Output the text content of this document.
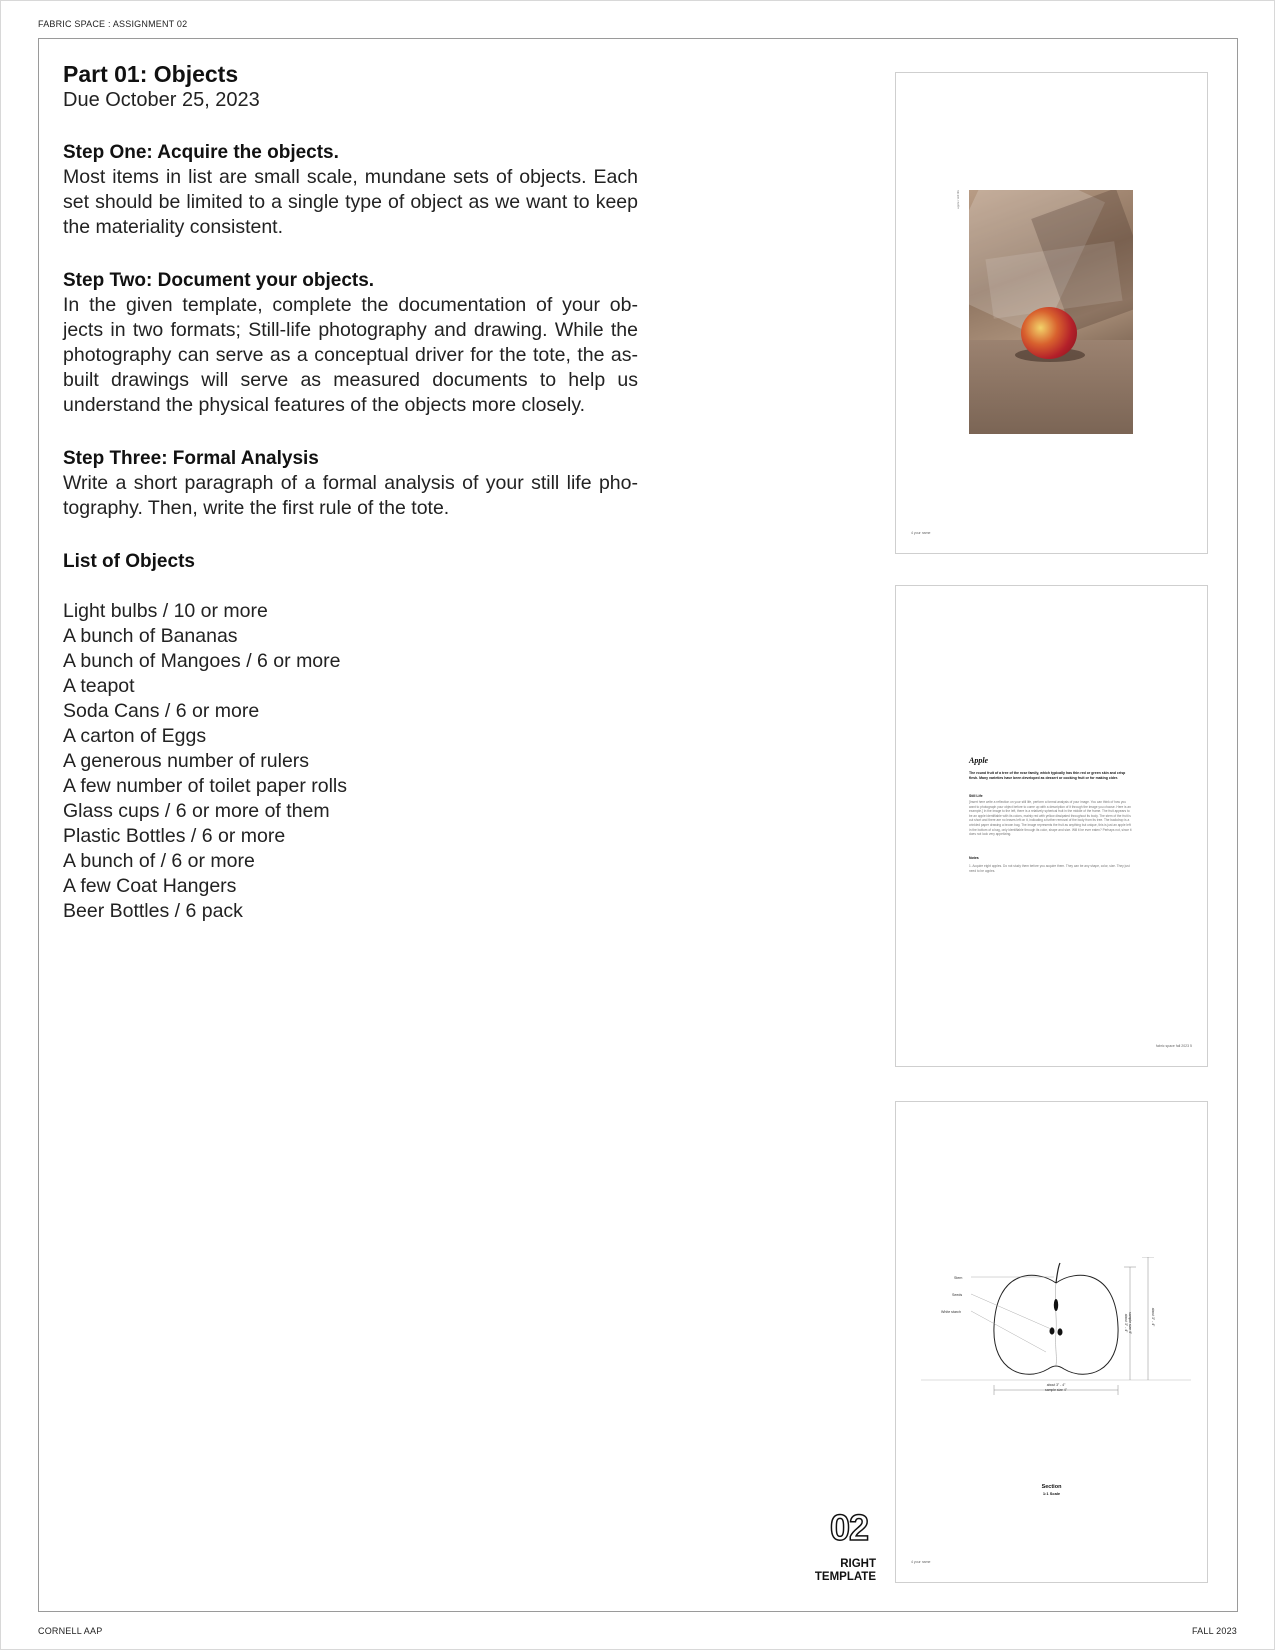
FABRIC SPACE : ASSIGNMENT 02
Part 01: Objects
Due October 25, 2023
Step One: Acquire the objects.

Most items in list are small scale, mundane sets of objects. Each set should be limited to a single type of object as we want to keep the materiality consistent.

Step Two: Document your objects.

In the given template, complete the documentation of your ob-jects in two formats; Still-life photography and drawing. While the photography can serve as a conceptual driver for the tote, the as-built drawings will serve as measured documents to help us understand the physical features of the objects more closely.

Step Three: Formal Analysis

Write a short paragraph of a formal analysis of your still life pho-tography. Then, write the first rule of the tote.

List of Objects
Light bulbs / 10 or more
A bunch of Bananas
A bunch of Mangoes / 6 or more
A teapot
Soda Cans / 6 or more
A carton of Eggs
A generous number of rulers
A few number of toilet paper rolls
Glass cups / 6 or more of them
Plastic Bottles / 6 or more
A bunch of / 6 or more
A few Coat Hangers
Beer Bottles / 6 pack
apple / still life
4 your name
Apple
The round fruit of a tree of the rose family, which typically has thin red or green skin and crisp flesh. Many varieties have been developed as dessert or cooking fruit or for making cider.
Still Life
[Insert here write a reflection on your still life, perform a formal analysis of your image. You can think of how you want to photograph your object before to come up with a description of it through the image you choose. Here is an example.] In the image to the left, there is a relatively spherical fruit in the middle of the frame. The fruit appears to be an apple identifiable with its colors, mainly red with yellow dissipated throughout its body. The stem of the fruit is cut short and there are no leaves left on it, indicating a further removal of the body from its tree. The backdrop is a crinkled paper drawing a brown bag. The image represents the fruit as anything but unique, this is just an apple left in the bottom of a bag, only identifiable through its color, shape and size. Will it be ever eaten? Perhaps not, since it does not look very appetizing.
Notes
1. Acquire eight apples. Do not study them before you acquire them. They can be any shape, color, size. They just need to be apples.
fabric space fall 2023 5
Stem
Seeds
White starch
about 3" - 4"
sample size 4"
about 3" - 4" sample size 4"	about 3" - 4"
Section
1:1 Scale
4 your name
02
RIGHT
TEMPLATE
CORNELL AAP	FALL 2023
